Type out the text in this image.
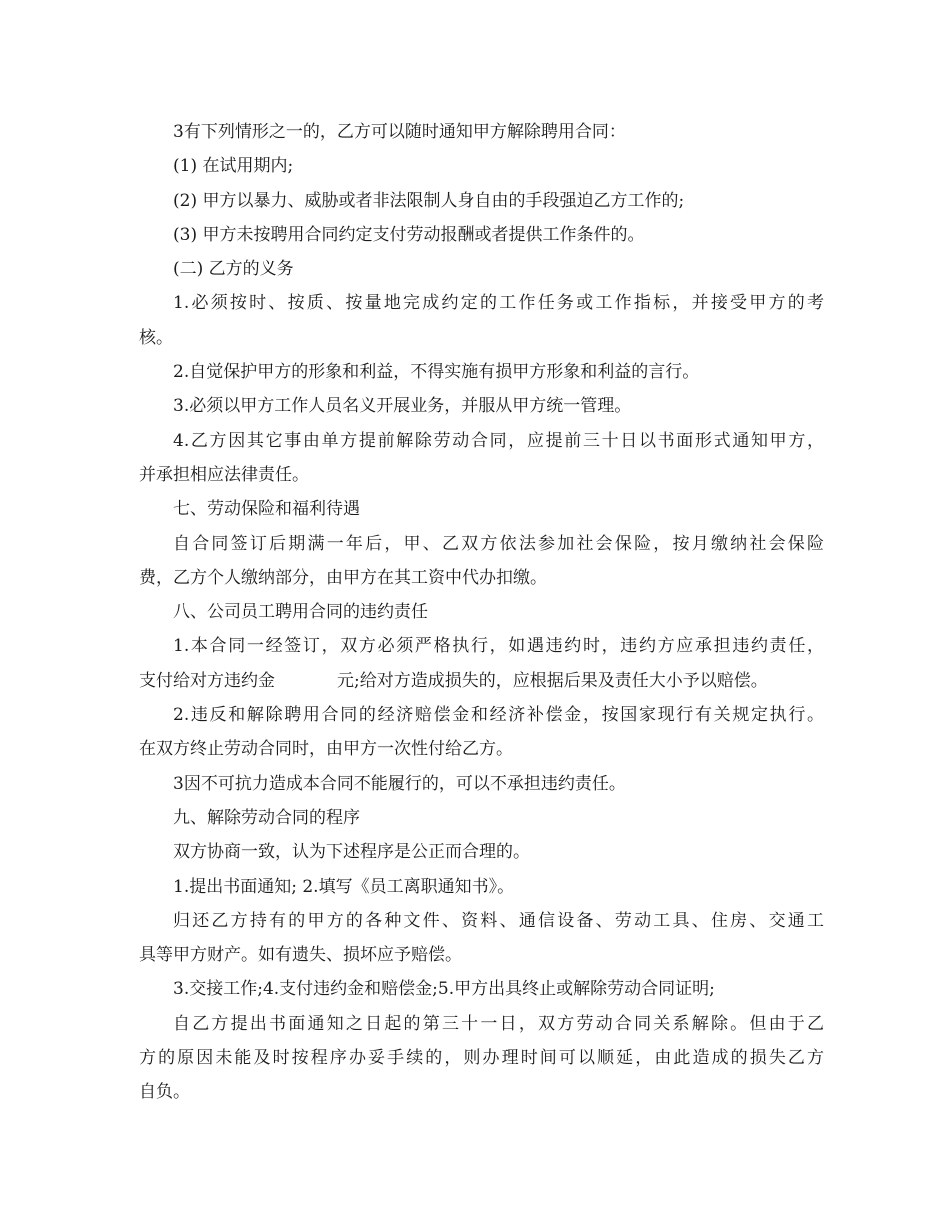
3有下列情形之一的，乙方可以随时通知甲方解除聘用合同：
(1) 在试用期内;
(2) 甲方以暴力、威胁或者非法限制人身自由的手段强迫乙方工作的;
(3) 甲方未按聘用合同约定支付劳动报酬或者提供工作条件的。
(二) 乙方的义务
1.必须按时、按质、按量地完成约定的工作任务或工作指标，并接受甲方的考
核。
2.自觉保护甲方的形象和利益，不得实施有损甲方形象和利益的言行。
3.必须以甲方工作人员名义开展业务，并服从甲方统一管理。
4.乙方因其它事由单方提前解除劳动合同，应提前三十日以书面形式通知甲方，
并承担相应法律责任。
七、劳动保险和福利待遇
自合同签订后期满一年后，甲、乙双方依法参加社会保险，按月缴纳社会保险
费，乙方个人缴纳部分，由甲方在其工资中代办扣缴。
八、公司员工聘用合同的违约责任
1.本合同一经签订，双方必须严格执行，如遇违约时，违约方应承担违约责任，
支付给对方违约金	元;给对方造成损失的，应根据后果及责任大小予以赔偿。
2.违反和解除聘用合同的经济赔偿金和经济补偿金，按国家现行有关规定执行。
在双方终止劳动合同时，由甲方一次性付给乙方。
3因不可抗力造成本合同不能履行的，可以不承担违约责任。
九、解除劳动合同的程序
双方协商一致，认为下述程序是公正而合理的。
1.提出书面通知; 2.填写《员工离职通知书》。
归还乙方持有的甲方的各种文件、资料、通信设备、劳动工具、住房、交通工
具等甲方财产。如有遗失、损坏应予赔偿。
3.交接工作;4.支付违约金和赔偿金;5.甲方出具终止或解除劳动合同证明;
自乙方提出书面通知之日起的第三十一日，双方劳动合同关系解除。但由于乙
方的原因未能及时按程序办妥手续的，则办理时间可以顺延，由此造成的损失乙方
自负。
